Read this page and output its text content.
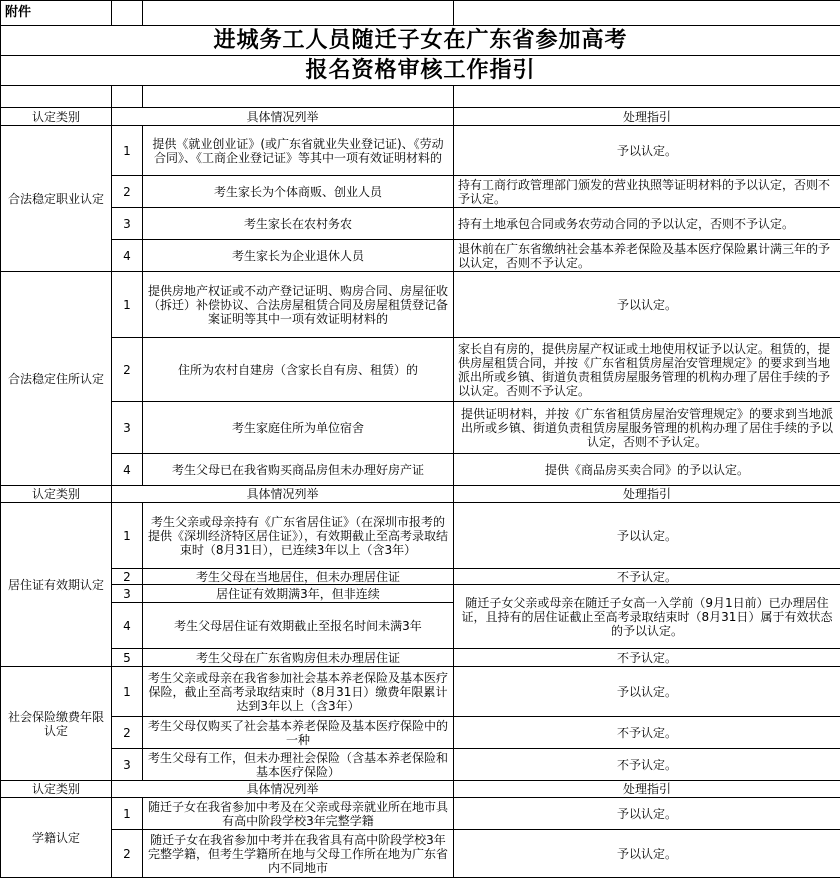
附件			
进城务工人员随迁子女在广东省参加高考			
报名资格审核工作指引			

认定类别	具体情况列举		处理指引
合法稳定职业认定	1	提供《就业创业证》(或广东省就业失业登记证)、《劳动合同》、《工商企业登记证》等其中一项有效证明材料的	予以认定。
	2	考生家长为个体商贩、创业人员	持有工商行政管理部门颁发的营业执照等证明材料的予以认定，否则不予认定。
	3	考生家长在农村务农	持有土地承包合同或务农劳动合同的予以认定，否则不予认定。
	4	考生家长为企业退休人员	退休前在广东省缴纳社会基本养老保险及基本医疗保险累计满三年的予以认定，否则不予认定。
合法稳定住所认定	1	提供房地产权证或不动产登记证明、购房合同、房屋征收（拆迁）补偿协议、合法房屋租赁合同及房屋租赁登记备案证明等其中一项有效证明材料的	予以认定。
	2	住所为农村自建房（含家长自有房、租赁）的	家长自有房的，提供房屋产权证或土地使用权证予以认定。租赁的，提供房屋租赁合同，并按《广东省租赁房屋治安管理规定》的要求到当地派出所或乡镇、街道负责租赁房屋服务管理的机构办理了居住手续的予以认定。否则不予认定。
	3	考生家庭住所为单位宿舍	提供证明材料，并按《广东省租赁房屋治安管理规定》的要求到当地派出所或乡镇、街道负责租赁房屋服务管理的机构办理了居住手续的予以认定，否则不予认定。
	4	考生父母已在我省购买商品房但未办理好房产证	提供《商品房买卖合同》的予以认定。
认定类别	具体情况列举		处理指引
居住证有效期认定	1	考生父亲或母亲持有《广东省居住证》（在深圳市报考的提供《深圳经济特区居住证》），有效期截止至高考录取结束时（8月31日），已连续3年以上（含3年）	予以认定。
	2	考生父母在当地居住，但未办理居住证	不予认定。
	3	居住证有效期满3年，但非连续	随迁子女父亲或母亲在随迁子女高一入学前（9月1日前）已办理居住证，且持有的居住证截止至高考录取结束时（8月31日）属于有效状态的予以认定。
	4	考生父母居住证有效期截止至报名时间未满3年	
	5	考生父母在广东省购房但未办理居住证	不予认定。
社会保险缴费年限认定	1	考生父亲或母亲在我省参加社会基本养老保险及基本医疗保险，截止至高考录取结束时（8月31日）缴费年限累计达到3年以上（含3年）	予以认定。
	2	考生父母仅购买了社会基本养老保险及基本医疗保险中的一种	不予认定。
	3	考生父母有工作，但未办理社会保险（含基本养老保险和基本医疗保险）	不予认定。
认定类别	具体情况列举		处理指引
学籍认定	1	随迁子女在我省参加中考及在父亲或母亲就业所在地市具有高中阶段学校3年完整学籍	予以认定。
	2	随迁子女在我省参加中考并在我省具有高中阶段学校3年完整学籍，但考生学籍所在地与父母工作所在地为广东省内不同地市	予以认定。
